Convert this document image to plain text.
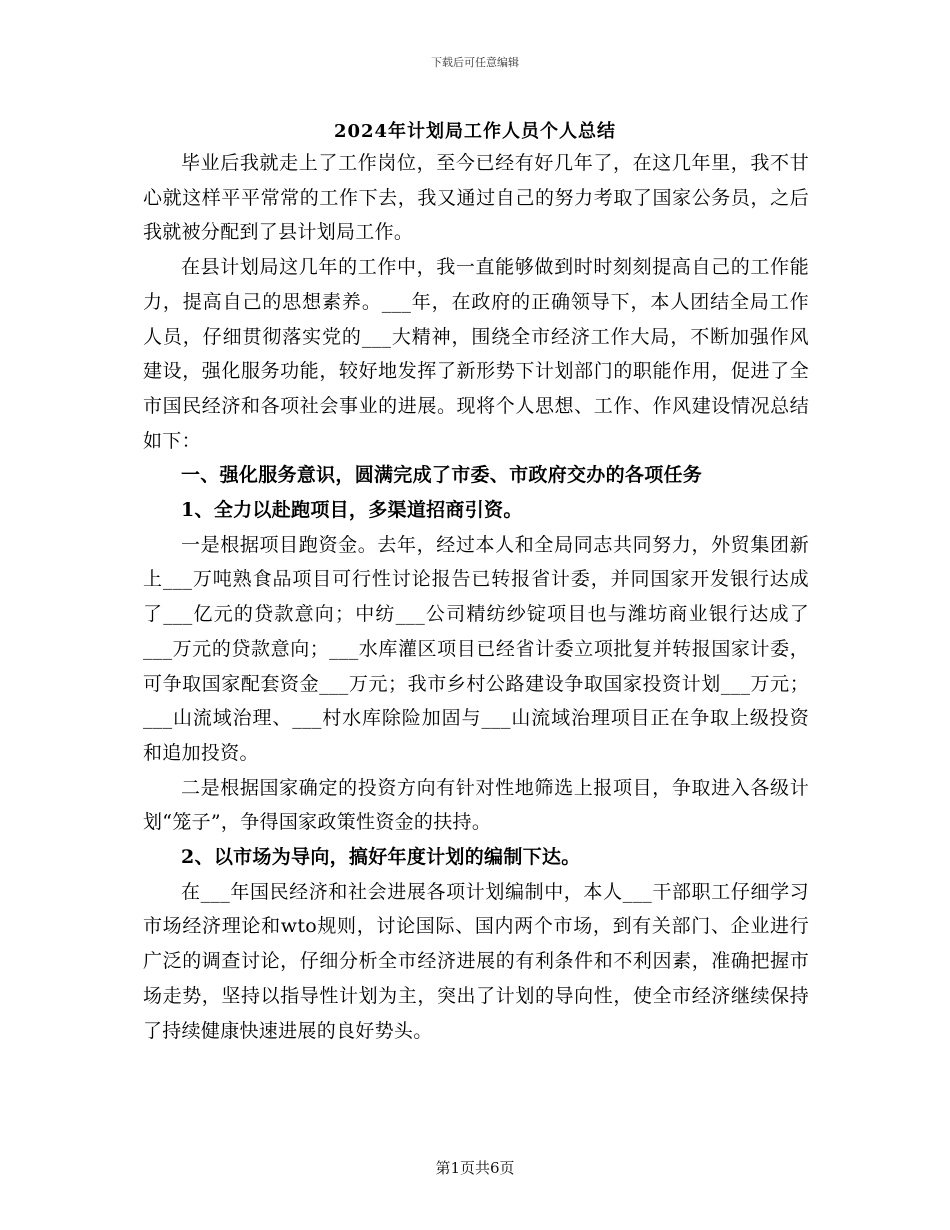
下载后可任意编辑
2024年计划局工作人员个人总结

毕业后我就走上了工作岗位，至今已经有好几年了，在这几年里，我不甘心就这样平平常常的工作下去，我又通过自己的努力考取了国家公务员，之后我就被分配到了县计划局工作。

在县计划局这几年的工作中，我一直能够做到时时刻刻提高自己的工作能力，提高自己的思想素养。___年，在政府的正确领导下，本人团结全局工作人员，仔细贯彻落实党的___大精神，围绕全市经济工作大局，不断加强作风建设，强化服务功能，较好地发挥了新形势下计划部门的职能作用，促进了全市国民经济和各项社会事业的进展。现将个人思想、工作、作风建设情况总结如下：

一、强化服务意识，圆满完成了市委、市政府交办的各项任务

1、全力以赴跑项目，多渠道招商引资。

一是根据项目跑资金。去年，经过本人和全局同志共同努力，外贸集团新上___万吨熟食品项目可行性讨论报告已转报省计委，并同国家开发银行达成了___亿元的贷款意向；中纺___公司精纺纱锭项目也与潍坊商业银行达成了___万元的贷款意向；___水库灌区项目已经省计委立项批复并转报国家计委，可争取国家配套资金___万元；我市乡村公路建设争取国家投资计划___万元；___山流域治理、___村水库除险加固与___山流域治理项目正在争取上级投资和追加投资。

二是根据国家确定的投资方向有针对性地筛选上报项目，争取进入各级计划“笼子”，争得国家政策性资金的扶持。

2、以市场为导向，搞好年度计划的编制下达。

在___年国民经济和社会进展各项计划编制中，本人___干部职工仔细学习市场经济理论和wto规则，讨论国际、国内两个市场，到有关部门、企业进行广泛的调查讨论，仔细分析全市经济进展的有利条件和不利因素，准确把握市场走势，坚持以指导性计划为主，突出了计划的导向性，使全市经济继续保持了持续健康快速进展的良好势头。

第1页共6页
